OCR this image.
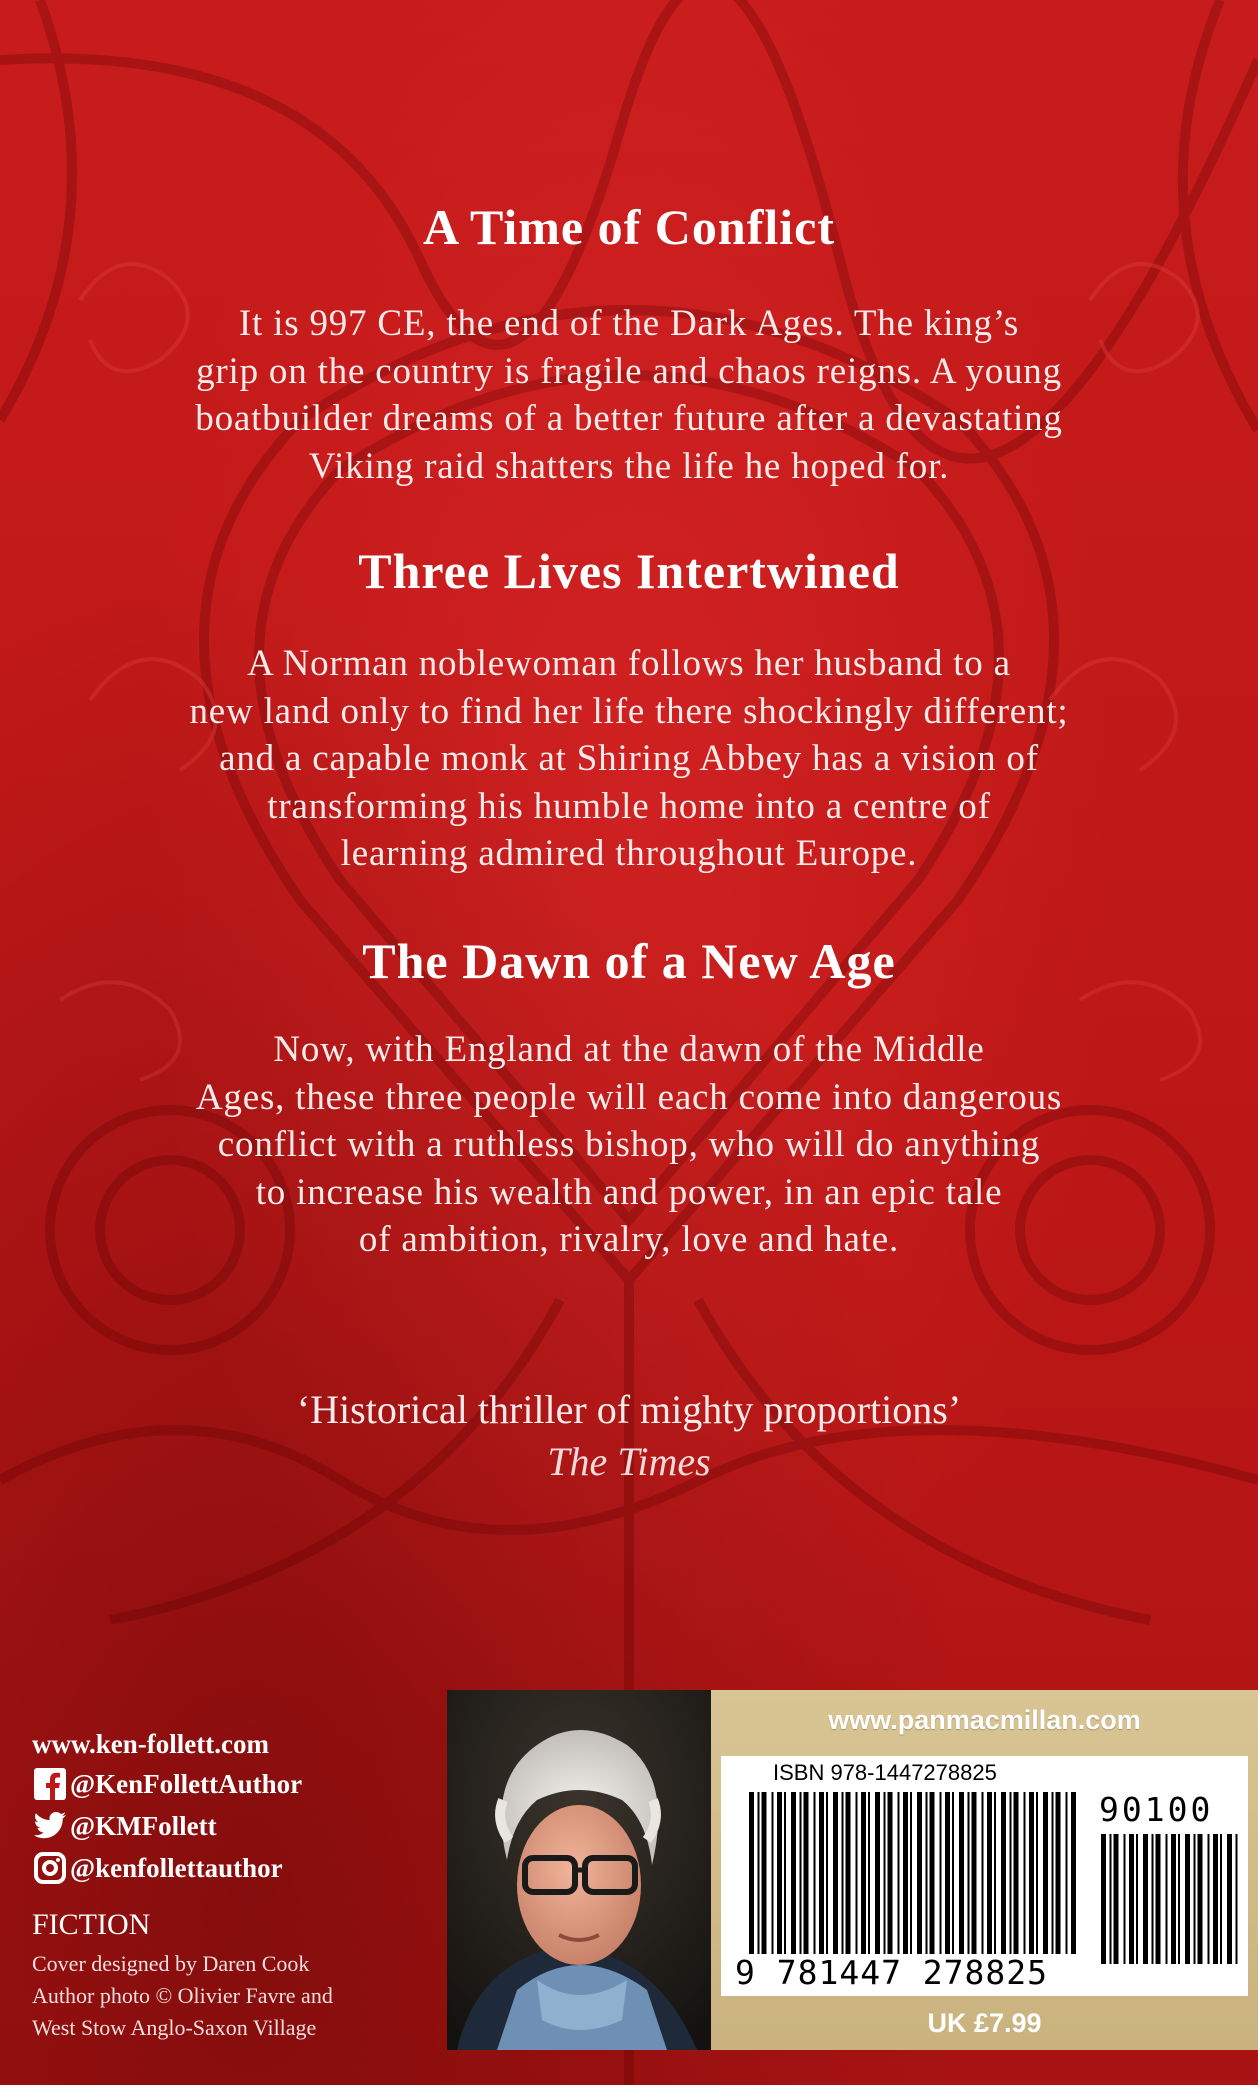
A Time of Conflict
It is 997 CE, the end of the Dark Ages. The king’s
grip on the country is fragile and chaos reigns. A young
boatbuilder dreams of a better future after a devastating
Viking raid shatters the life he hoped for.
Three Lives Intertwined
A Norman noblewoman follows her husband to a
new land only to find her life there shockingly different;
and a capable monk at Shiring Abbey has a vision of
transforming his humble home into a centre of
learning admired throughout Europe.
The Dawn of a New Age
Now, with England at the dawn of the Middle
Ages, these three people will each come into dangerous
conflict with a ruthless bishop, who will do anything
to increase his wealth and power, in an epic tale
of ambition, rivalry, love and hate.
‘Historical thriller of mighty proportions’
The Times
www.ken-follett.com
@KenFollettAuthor
@KMFollett
@kenfollettauthor
FICTION
Cover designed by Daren Cook
Author photo © Olivier Favre and
West Stow Anglo-Saxon Village
www.panmacmillan.com
ISBN 978-1447278825
90100
9 781447 278825
UK £7.99
